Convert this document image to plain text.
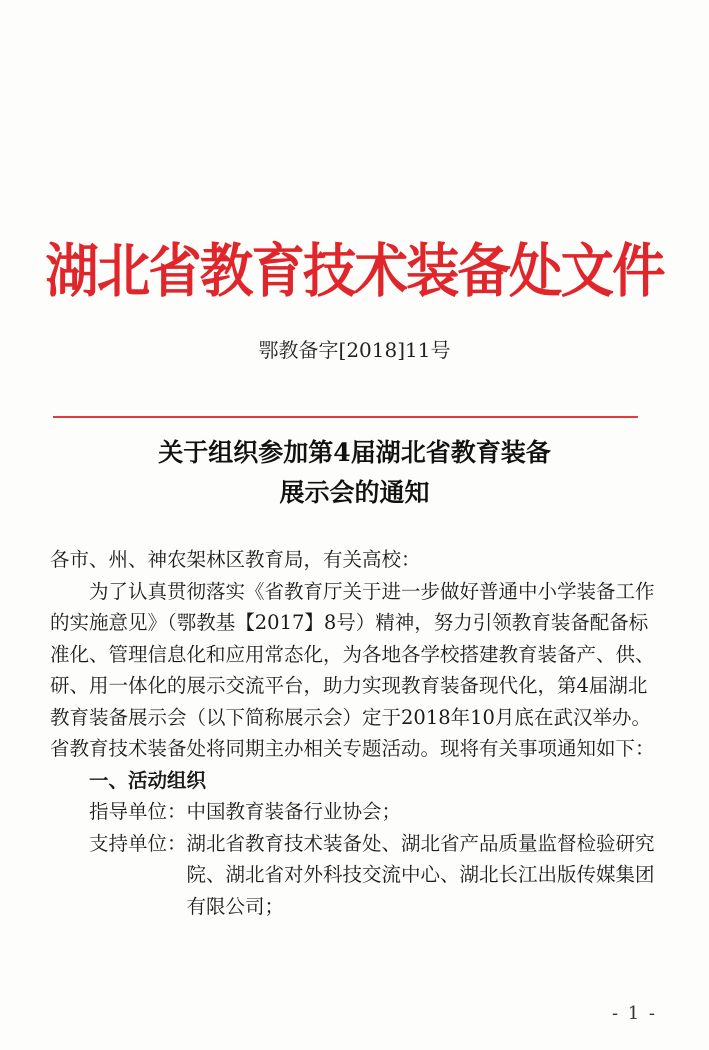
湖北省教育技术装备处文件
鄂教备字[2018]11号
关于组织参加第4届湖北省教育装备
展示会的通知

各市、州、神农架林区教育局，有关高校：

为了认真贯彻落实《省教育厅关于进一步做好普通中小学装备工作的实施意见》（鄂教基【2017】8号）精神，努力引领教育装备配备标准化、管理信息化和应用常态化，为各地各学校搭建教育装备产、供、研、用一体化的展示交流平台，助力实现教育装备现代化，第4届湖北教育装备展示会（以下简称展示会）定于2018年10月底在武汉举办。省教育技术装备处将同期主办相关专题活动。现将有关事项通知如下：

一、活动组织

指导单位： 中国教育装备行业协会；
支持单位： 湖北省教育技术装备处、湖北省产品质量监督检验研究院、湖北省对外科技交流中心、湖北长江出版传媒集团有限公司；
- 1 -
